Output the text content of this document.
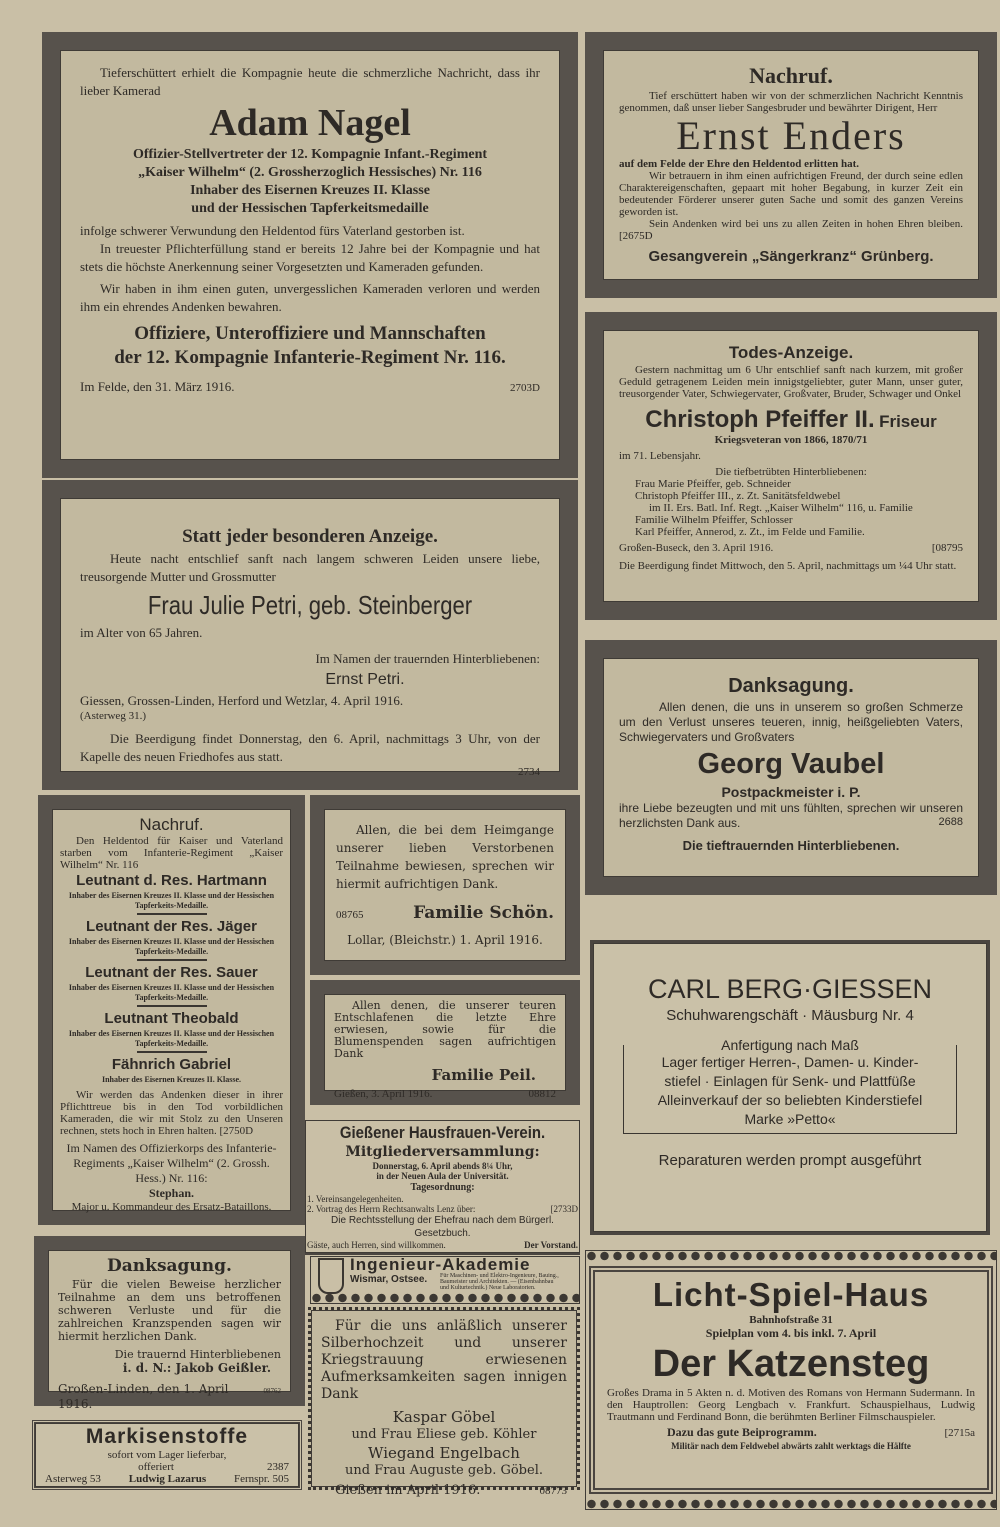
Tieferschüttert erhielt die Kompagnie heute die schmerzliche Nachricht, dass ihr lieber Kamerad

Adam Nagel

Offizier-Stellvertreter der 12. Kompagnie Infant.-Regiment

„Kaiser Wilhelm“ (2. Grossherzoglich Hessisches) Nr. 116

Inhaber des Eisernen Kreuzes II. Klasse

und der Hessischen Tapferkeitsmedaille

infolge schwerer Verwundung den Heldentod fürs Vaterland gestorben ist.

In treuester Pflichterfüllung stand er bereits 12 Jahre bei der Kompagnie und hat stets die höchste Anerkennung seiner Vorgesetzten und Kameraden gefunden.

Wir haben in ihm einen guten, unvergesslichen Kameraden verloren und werden ihm ein ehrendes Andenken bewahren.

Offiziere, Unteroffiziere und Mannschaften

der 12. Kompagnie Infanterie-Regiment Nr. 116.

Im Felde, den 31. März 1916.	2703D

Statt jeder besonderen Anzeige.

Heute nacht entschlief sanft nach langem schweren Leiden unsere liebe, treusorgende Mutter und Grossmutter

Frau Julie Petri, geb. Steinberger

im Alter von 65 Jahren.

Im Namen der trauernden Hinterbliebenen:

Ernst Petri.

Giessen, Grossen-Linden, Herford und Wetzlar, 4. April 1916.

(Asterweg 31.)

Die Beerdigung findet Donnerstag, den 6. April, nachmittags 3 Uhr, von der Kapelle des neuen Friedhofes aus statt.

2734

Nachruf.

Den Heldentod für Kaiser und Vaterland starben vom Infanterie-Regiment „Kaiser Wilhelm“ Nr. 116

Leutnant d. Res. Hartmann

Inhaber des Eisernen Kreuzes II. Klasse und der Hessischen Tapferkeits-Medaille.

Leutnant der Res. Jäger

Inhaber des Eisernen Kreuzes II. Klasse und der Hessischen Tapferkeits-Medaille.

Leutnant der Res. Sauer

Inhaber des Eisernen Kreuzes II. Klasse und der Hessischen Tapferkeits-Medaille.

Leutnant Theobald

Inhaber des Eisernen Kreuzes II. Klasse und der Hessischen Tapferkeits-Medaille.

Fähnrich Gabriel

Inhaber des Eisernen Kreuzes II. Klasse.

Wir werden das Andenken dieser in ihrer Pflichttreue bis in den Tod vorbildlichen Kameraden, die wir mit Stolz zu den Unseren rechnen, stets hoch in Ehren halten. [2750D

Im Namen des Offizierkorps des Infanterie-Regiments „Kaiser Wilhelm“ (2. Grossh. Hess.) Nr. 116:

Stephan.

Major u. Kommandeur des Ersatz-Bataillons.

Allen, die bei dem Heimgange unserer lieben Verstorbenen Teilnahme bewiesen, sprechen wir hiermit aufrichtigen Dank.

08765	Familie Schön.

Lollar, (Bleichstr.) 1. April 1916.

Allen denen, die unserer teuren Entschlafenen die letzte Ehre erwiesen, sowie für die Blumenspenden sagen aufrichtigen Dank

Familie Peil.

Gießen, 3. April 1916.	08812

Gießener Hausfrauen-Verein.

Mitgliederversammlung:

Donnerstag, 6. April abends 8¼ Uhr,

in der Neuen Aula der Universität.

Tagesordnung:

1. Vereinsangelegenheiten.

2. Vortrag des Herrn Rechtsanwalts Lenz über:	[2733D

Die Rechtsstellung der Ehefrau nach dem Bürgerl. Gesetzbuch.

Gäste, auch Herren, sind willkommen.	Der Vorstand.

Ingenieur-Akademie

Wismar, Ostsee. Für Maschinen- und Elektro-Ingenieure, Bauing., Baumeister und Architekten. — (Eisenbahnbau und Kulturtechnik.) Neue Laboratorien.

Für die uns anläßlich unserer Silberhochzeit und unserer Kriegstrauung erwiesenen Aufmerksamkeiten sagen innigen Dank

Kaspar Göbel

und Frau Eliese geb. Köhler

Wiegand Engelbach

und Frau Auguste geb. Göbel.

Gießen im April 1916.	08773

Danksagung.

Für die vielen Beweise herzlicher Teilnahme an dem uns betroffenen schweren Verluste und für die zahlreichen Kranzspenden sagen wir hiermit herzlichen Dank.

Die trauernd Hinterbliebenen

i. d. N.: Jakob Geißler.

Großen-Linden, den 1. April 1916.
08762

Markisenstoffe

sofort vom Lager lieferbar,

offeriert	2387
Asterweg 53	Ludwig Lazarus	Fernspr. 505

Nachruf.

Tief erschüttert haben wir von der schmerzlichen Nachricht Kenntnis genommen, daß unser lieber Sangesbruder und bewährter Dirigent, Herr

Ernst Enders

auf dem Felde der Ehre den Heldentod erlitten hat.

Wir betrauern in ihm einen aufrichtigen Freund, der durch seine edlen Charaktereigenschaften, gepaart mit hoher Begabung, in kurzer Zeit ein bedeutender Förderer unserer guten Sache und somit des ganzen Vereins geworden ist.

Sein Andenken wird bei uns zu allen Zeiten in hohen Ehren bleiben. [2675D

Gesangverein „Sängerkranz“ Grünberg.

Todes-Anzeige.

Gestern nachmittag um 6 Uhr entschlief sanft nach kurzem, mit großer Geduld getragenem Leiden mein innigstgeliebter, guter Mann, unser guter, treusorgender Vater, Schwiegervater, Großvater, Bruder, Schwager und Onkel

Christoph Pfeiffer II. Friseur

Kriegsveteran von 1866, 1870/71

im 71. Lebensjahr.

Die tiefbetrübten Hinterbliebenen:

Frau Marie Pfeiffer, geb. Schneider

Christoph Pfeiffer III., z. Zt. Sanitätsfeldwebel

im II. Ers. Batl. Inf. Regt. „Kaiser Wilhelm“ 116, u. Familie

Familie Wilhelm Pfeiffer, Schlosser

Karl Pfeiffer, Annerod, z. Zt., im Felde und Familie.

Großen-Buseck, den 3. April 1916.	[08795

Die Beerdigung findet Mittwoch, den 5. April, nachmittags um ¼4 Uhr statt.

Danksagung.

Allen denen, die uns in unserem so großen Schmerze um den Verlust unseres teueren, innig, heißgeliebten Vaters, Schwiegervaters und Großvaters

Georg Vaubel

Postpackmeister i. P.

ihre Liebe bezeugten und mit uns fühlten, sprechen wir unseren herzlichsten Dank aus.	2688

Die tieftrauernden Hinterbliebenen.

CARL BERG·GIESSEN

Schuhwarengschäft · Mäusburg Nr. 4

Anfertigung nach Maß

Lager fertiger Herren-, Damen- u. Kinder-

stiefel · Einlagen für Senk- und Plattfüße

Alleinverkauf der so beliebten Kinderstiefel

Marke »Petto«

Reparaturen werden prompt ausgeführt

Licht-Spiel-Haus

Bahnhofstraße 31

Spielplan vom 4. bis inkl. 7. April

Der Katzensteg

Großes Drama in 5 Akten n. d. Motiven des Romans von Hermann Sudermann. In den Hauptrollen: Georg Lengbach v. Frankfurt. Schauspielhaus, Ludwig Trautmann und Ferdinand Bonn, die berühmten Berliner Filmschauspieler.

Dazu das gute Beiprogramm.	[2715a

Militär nach dem Feldwebel abwärts zahlt werktags die Hälfte
